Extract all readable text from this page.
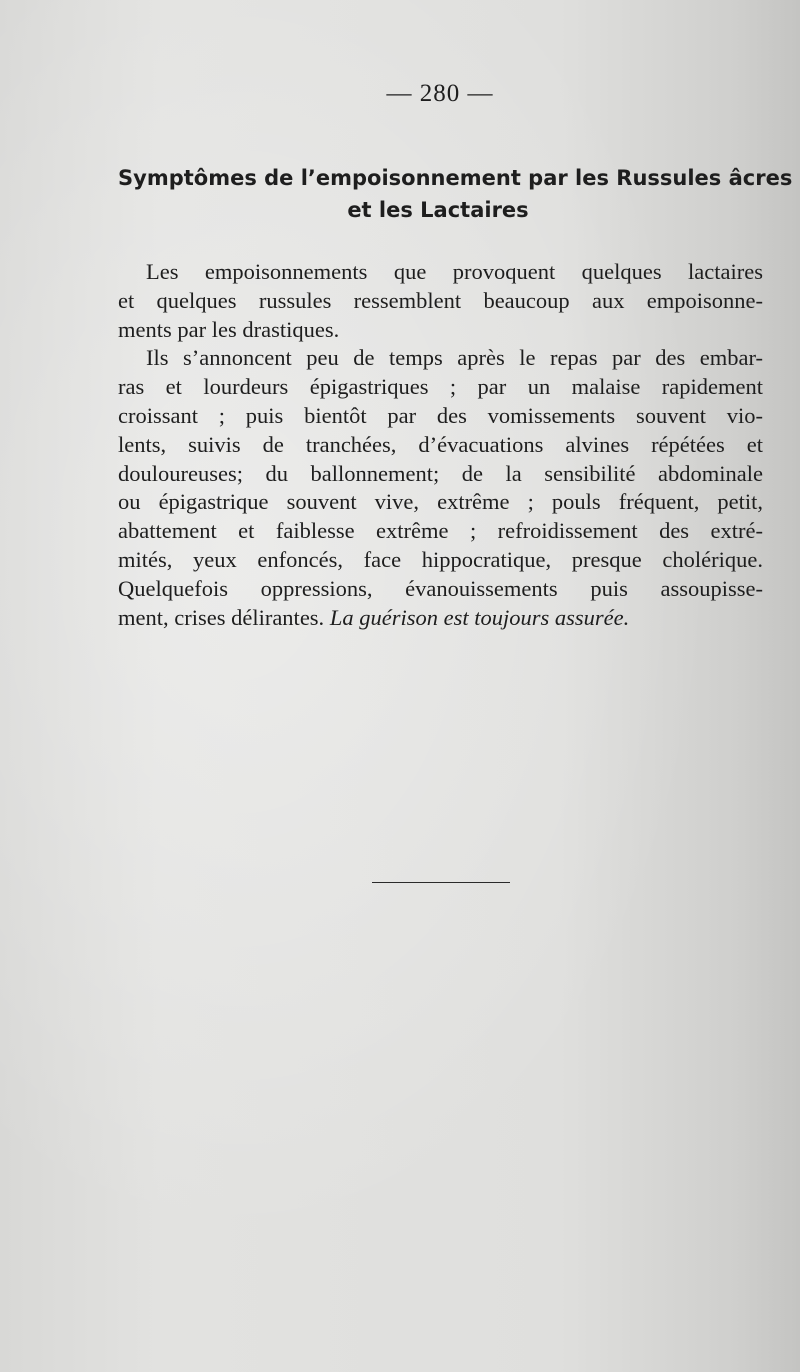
— 280 —
Symptômes de l’empoisonnement par les Russules âcres
et les Lactaires
Les empoisonnements que provoquent quelques lactaires
et quelques russules ressemblent beaucoup aux empoisonne-
ments par les drastiques.
Ils s’annoncent peu de temps après le repas par des embar-
ras et lourdeurs épigastriques ; par un malaise rapidement
croissant ; puis bientôt par des vomissements souvent vio-
lents, suivis de tranchées, d’évacuations alvines répétées et
douloureuses; du ballonnement; de la sensibilité abdominale
ou épigastrique souvent vive, extrême ; pouls fréquent, petit,
abattement et faiblesse extrême ; refroidissement des extré-
mités, yeux enfoncés, face hippocratique, presque cholérique.
Quelquefois oppressions, évanouissements puis assoupisse-
ment, crises délirantes. La guérison est toujours assurée.
